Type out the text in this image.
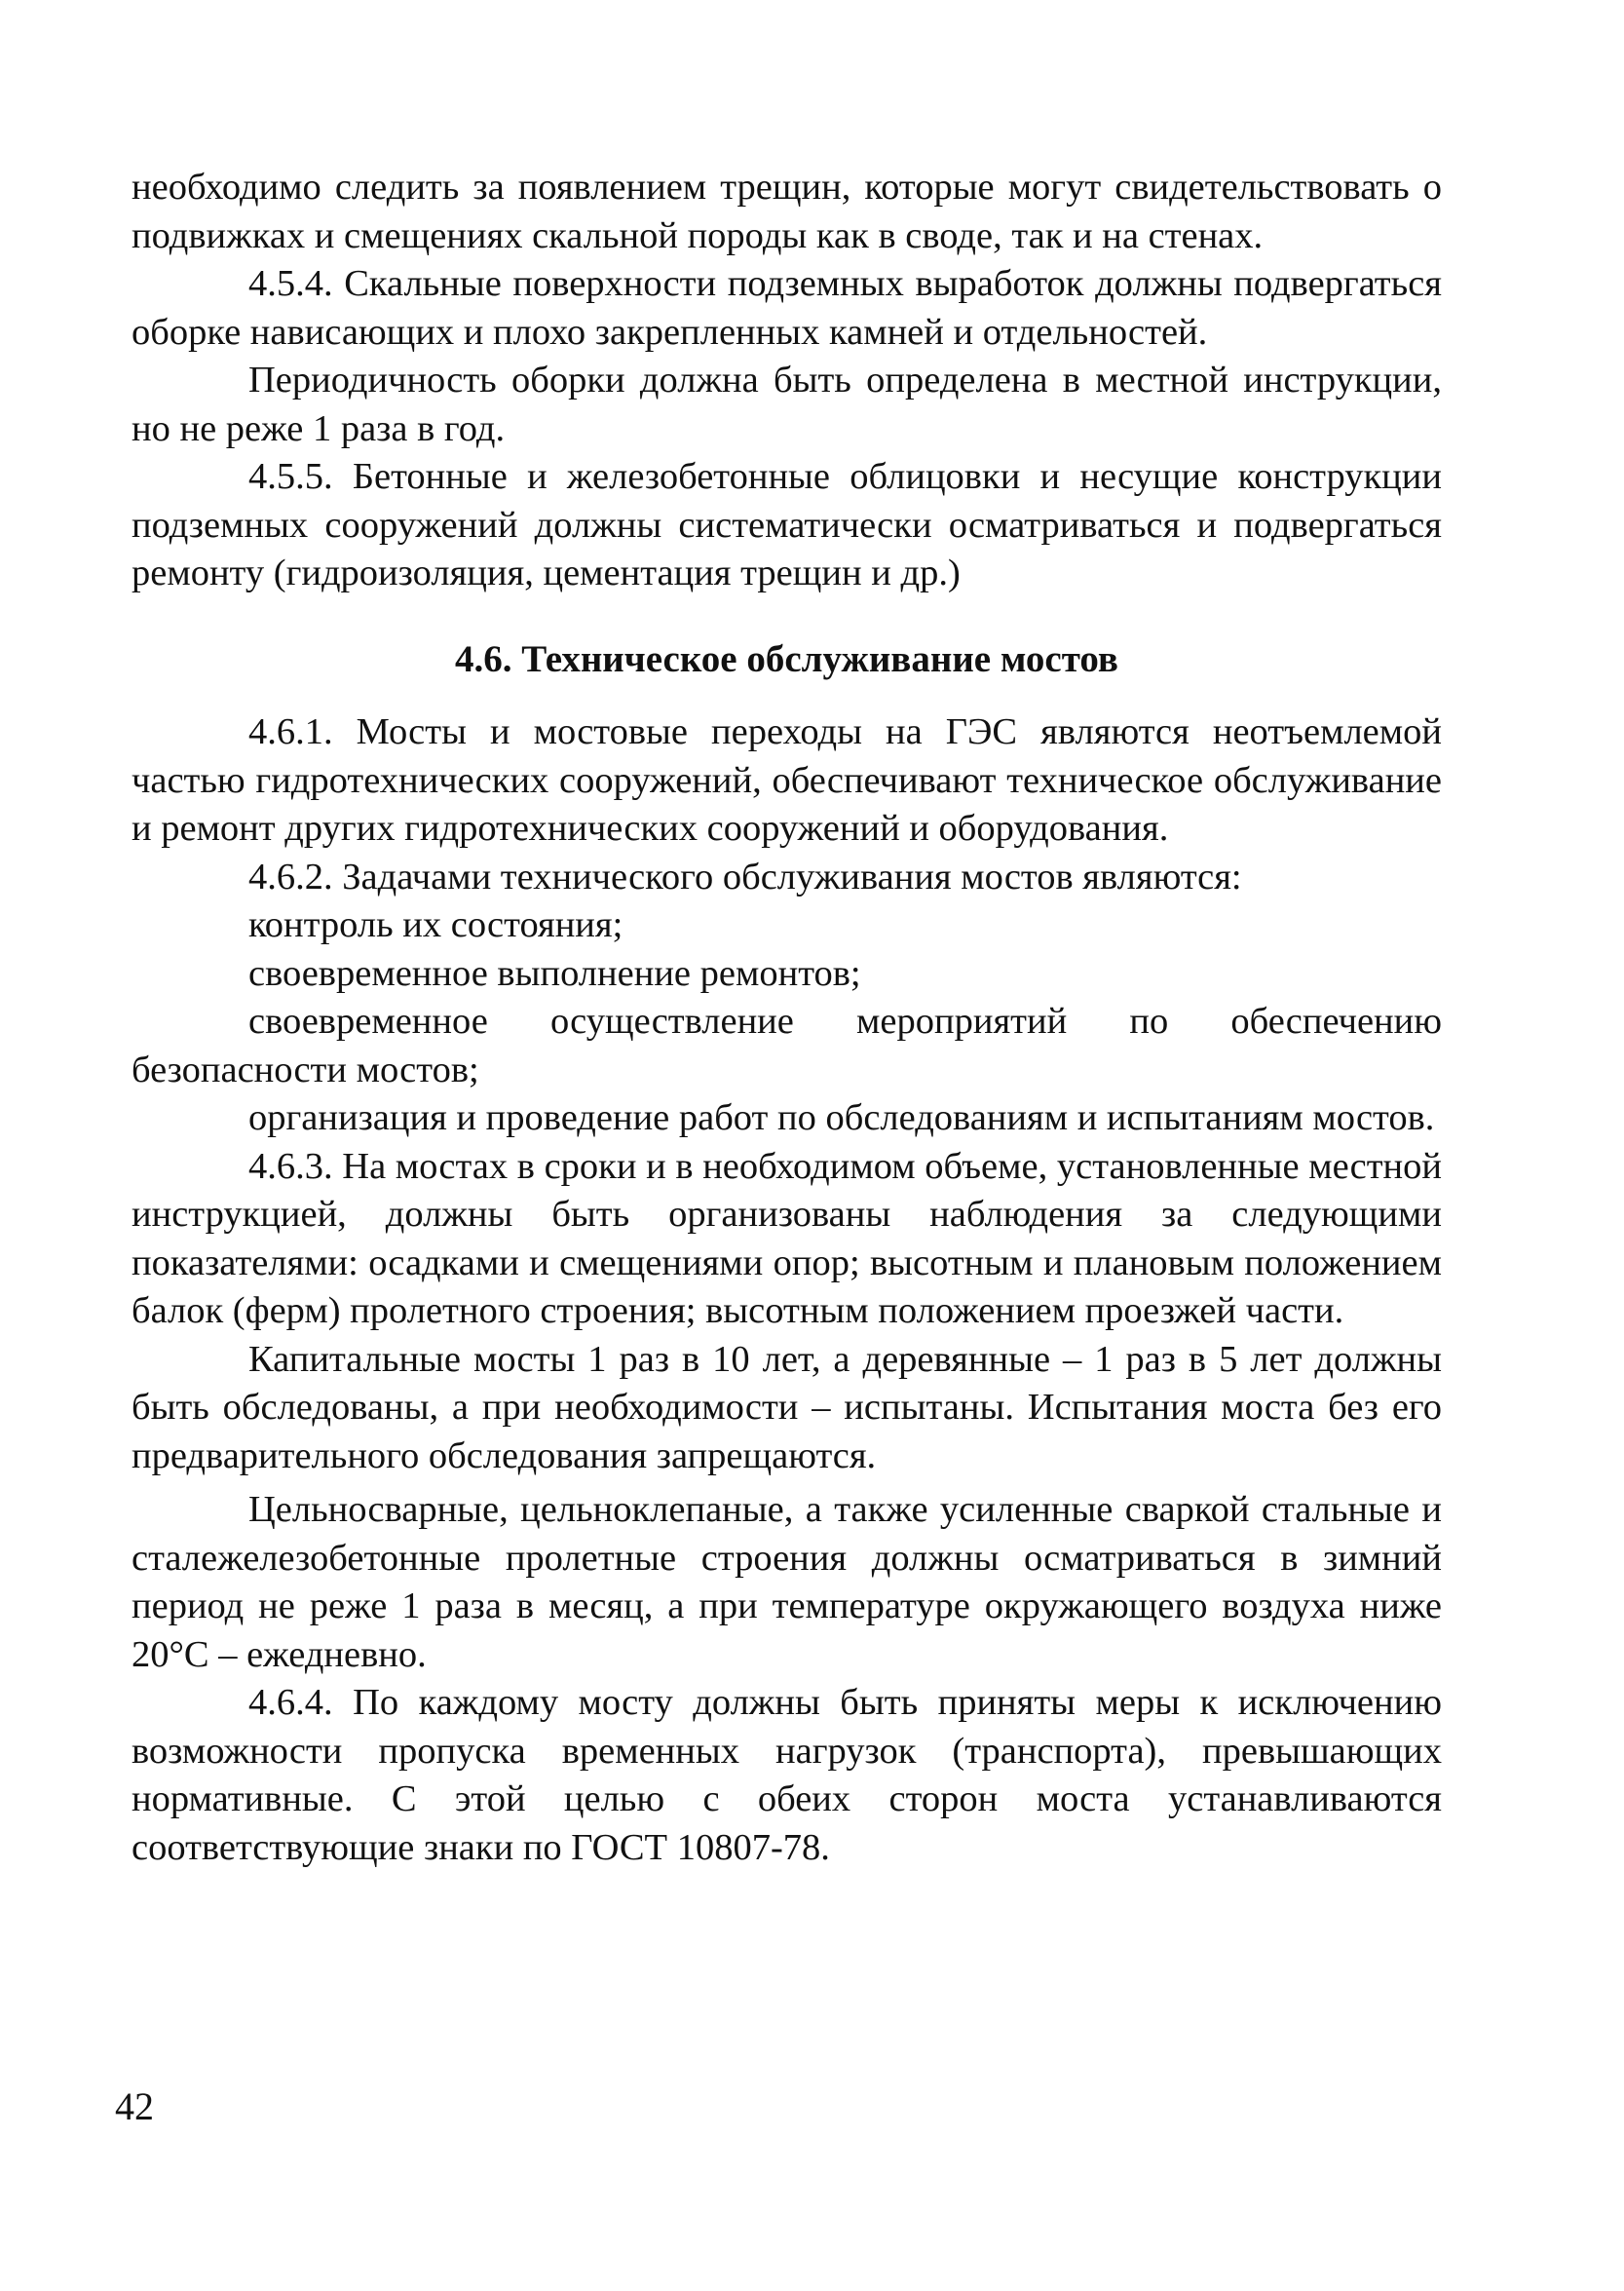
необходимо следить за появлением трещин, которые могут свидетельствовать о подвижках и смещениях скальной породы как в своде, так и на стенах.

4.5.4. Скальные поверхности подземных выработок должны подвергаться оборке нависающих и плохо закрепленных камней и отдельностей.

Периодичность оборки должна быть определена в местной инструкции, но не реже 1 раза в год.

4.5.5. Бетонные и железобетонные облицовки и несущие конструкции подземных сооружений должны систематически осматриваться и подвергаться ремонту (гидроизоляция, цементация трещин и др.)

4.6. Техническое обслуживание мостов

4.6.1. Мосты и мостовые переходы на ГЭС являются неотъемлемой частью гидротехнических сооружений, обеспечивают техническое обслуживание и ремонт других гидротехнических сооружений и оборудования.

4.6.2. Задачами технического обслуживания мостов являются:

контроль их состояния;

своевременное выполнение ремонтов;

своевременное осуществление мероприятий по обеспечению безопасности мостов;

организация и проведение работ по обследованиям и испытаниям мостов.

4.6.3. На мостах в сроки и в необходимом объеме, установленные местной инструкцией, должны быть организованы наблюдения за следующими показателями: осадками и смещениями опор; высотным и плановым положением балок (ферм) пролетного строения; высотным положением проезжей части.

Капитальные мосты 1 раз в 10 лет, а деревянные – 1 раз в 5 лет должны быть обследованы, а при необходимости – испытаны. Испытания моста без его предварительного обследования запрещаются.

Цельносварные, цельноклепаные, а также усиленные сваркой стальные и сталежелезобетонные пролетные строения должны осматриваться в зимний период не реже 1 раза в месяц, а при температуре окружающего воздуха ниже 20°С – ежедневно.

4.6.4. По каждому мосту должны быть приняты меры к исключению возможности пропуска временных нагрузок (транспорта), превышающих нормативные. С этой целью с обеих сторон моста устанавливаются соответствующие знаки по ГОСТ 10807-78.

42
